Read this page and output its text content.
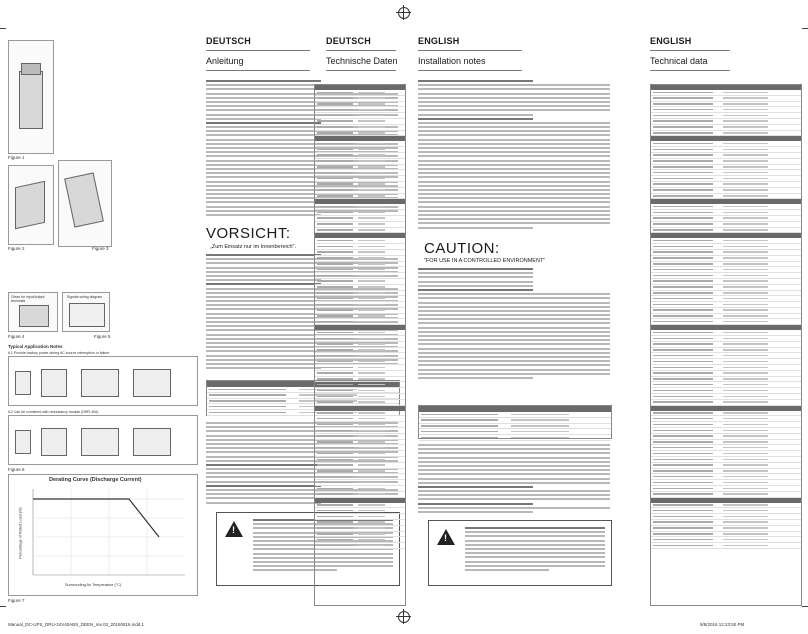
Figure 1
Figure 2	Figure 3
Clean for input/output terminals
Figure 4
Signals wiring diagram
Figure 5
Typical Application Notes
6.1 Provide backup power during AC source interruption or failure
6.2 Can be combined with redundancy module (DRR-40A)
Figure 6
Derating Curve (Discharge Current)
Surrounding Air Temperature (°C)
Percentage of Rated Load (%)
Figure 7
DEUTSCH
Anleitung
VORSICHT:
„Zum Einsatz nur im Innenbereich".
!
DEUTSCH
Technische Daten
ENGLISH
Installation notes
CAUTION:
"FOR USE IN A CONTROLLED ENVIRONMENT"
!
ENGLISH
Technical data
Manual_DC-UPS_DRU-24V40ABS_DEEN_rev.03_20160816.indd 1	8/8/2016 12:23:50 PM
